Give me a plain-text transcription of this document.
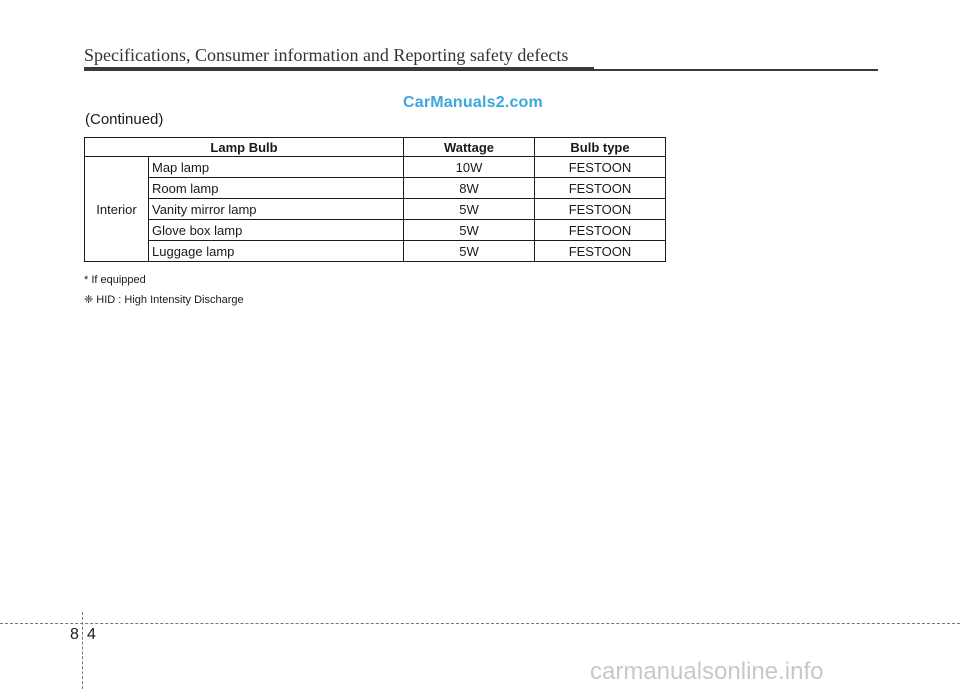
Specifications, Consumer information and Reporting safety defects
CarManuals2.com
(Continued)
Lamp Bulb		Wattage	Bulb type
Interior	Map lamp	10W	FESTOON
	Room lamp	8W	FESTOON
	Vanity mirror lamp	5W	FESTOON
	Glove box lamp	5W	FESTOON
	Luggage lamp	5W	FESTOON
* If equipped
❈ HID : High Intensity Discharge
8 4
carmanualsonline.info
